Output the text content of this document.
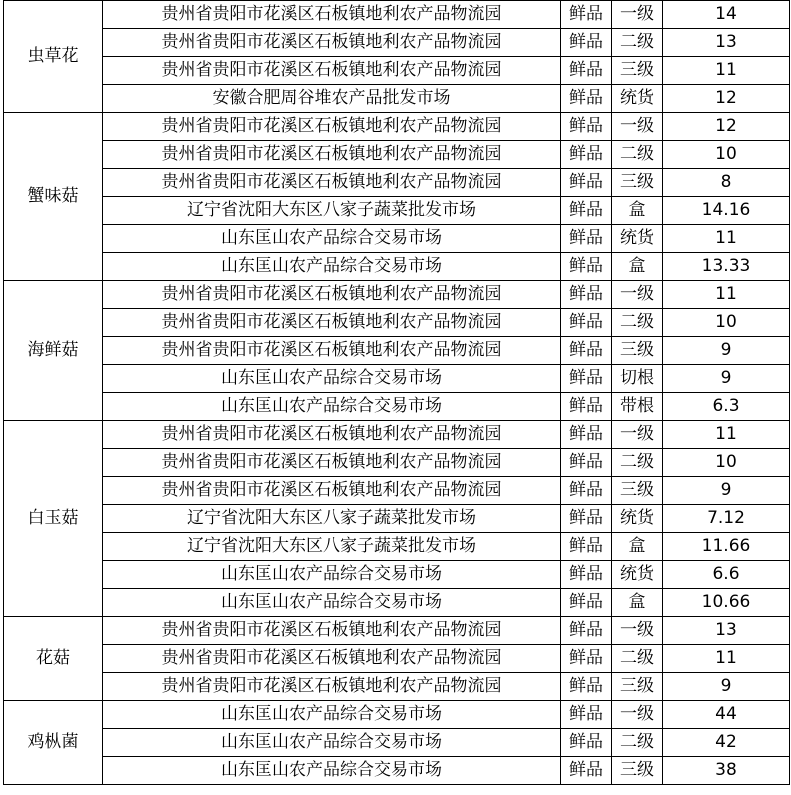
虫草花	贵州省贵阳市花溪区石板镇地利农产品物流园	鲜品	一级	14
	贵州省贵阳市花溪区石板镇地利农产品物流园	鲜品	二级	13
	贵州省贵阳市花溪区石板镇地利农产品物流园	鲜品	三级	11
	安徽合肥周谷堆农产品批发市场	鲜品	统货	12
蟹味菇	贵州省贵阳市花溪区石板镇地利农产品物流园	鲜品	一级	12
	贵州省贵阳市花溪区石板镇地利农产品物流园	鲜品	二级	10
	贵州省贵阳市花溪区石板镇地利农产品物流园	鲜品	三级	8
	辽宁省沈阳大东区八家子蔬菜批发市场	鲜品	盒	14.16
	山东匡山农产品综合交易市场	鲜品	统货	11
	山东匡山农产品综合交易市场	鲜品	盒	13.33
海鲜菇	贵州省贵阳市花溪区石板镇地利农产品物流园	鲜品	一级	11
	贵州省贵阳市花溪区石板镇地利农产品物流园	鲜品	二级	10
	贵州省贵阳市花溪区石板镇地利农产品物流园	鲜品	三级	9
	山东匡山农产品综合交易市场	鲜品	切根	9
	山东匡山农产品综合交易市场	鲜品	带根	6.3
白玉菇	贵州省贵阳市花溪区石板镇地利农产品物流园	鲜品	一级	11
	贵州省贵阳市花溪区石板镇地利农产品物流园	鲜品	二级	10
	贵州省贵阳市花溪区石板镇地利农产品物流园	鲜品	三级	9
	辽宁省沈阳大东区八家子蔬菜批发市场	鲜品	统货	7.12
	辽宁省沈阳大东区八家子蔬菜批发市场	鲜品	盒	11.66
	山东匡山农产品综合交易市场	鲜品	统货	6.6
	山东匡山农产品综合交易市场	鲜品	盒	10.66
花菇	贵州省贵阳市花溪区石板镇地利农产品物流园	鲜品	一级	13
	贵州省贵阳市花溪区石板镇地利农产品物流园	鲜品	二级	11
	贵州省贵阳市花溪区石板镇地利农产品物流园	鲜品	三级	9
鸡枞菌	山东匡山农产品综合交易市场	鲜品	一级	44
	山东匡山农产品综合交易市场	鲜品	二级	42
	山东匡山农产品综合交易市场	鲜品	三级	38
